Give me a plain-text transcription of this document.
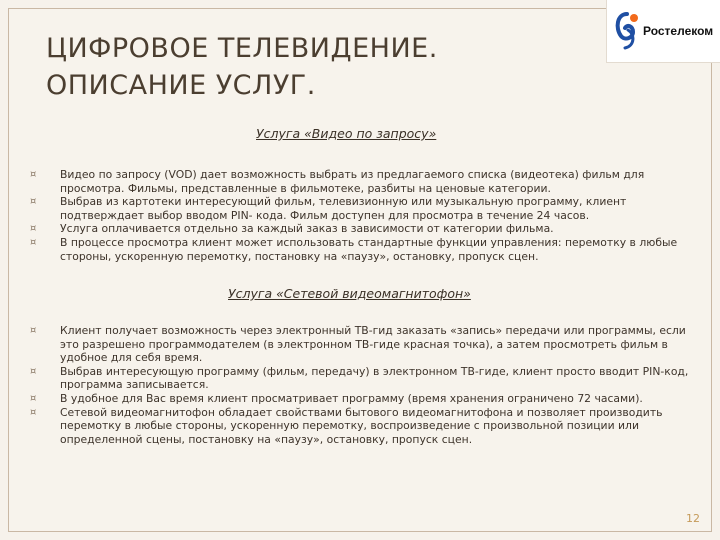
ЦИФРОВОЕ ТЕЛЕВИДЕНИЕ.
ОПИСАНИЕ УСЛУГ.
Ростелеком
Услуга «Видео по запросу»
¤ Видео по запросу (VOD) дает возможность выбрать из предлагаемого списка (видеотека) фильм для просмотра. Фильмы, представленные в фильмотеке, разбиты на ценовые категории.
¤ Выбрав из картотеки интересующий фильм, телевизионную или музыкальную программу, клиент подтверждает выбор вводом PIN- кода. Фильм доступен для просмотра в течение 24 часов.
¤ Услуга оплачивается отдельно за каждый заказ в зависимости от категории фильма.
¤ В процессе просмотра клиент может использовать стандартные функции управления: перемотку в любые стороны, ускоренную перемотку, постановку на «паузу», остановку, пропуск сцен.
Услуга «Сетевой видеомагнитофон»
¤ Клиент получает возможность через электронный ТВ-гид заказать «запись» передачи или программы, если это разрешено программодателем (в электронном ТВ-гиде красная точка), а затем просмотреть фильм в удобное для себя время.
¤ Выбрав интересующую программу (фильм, передачу) в электронном ТВ-гиде, клиент просто вводит PIN-код, программа записывается.
¤ В удобное для Вас время клиент просматривает программу (время хранения ограничено 72 часами).
¤ Сетевой видеомагнитофон обладает свойствами бытового видеомагнитофона и позволяет производить перемотку в любые стороны, ускоренную перемотку, воспроизведение с произвольной позиции или определенной сцены, постановку на «паузу», остановку, пропуск сцен.
12
